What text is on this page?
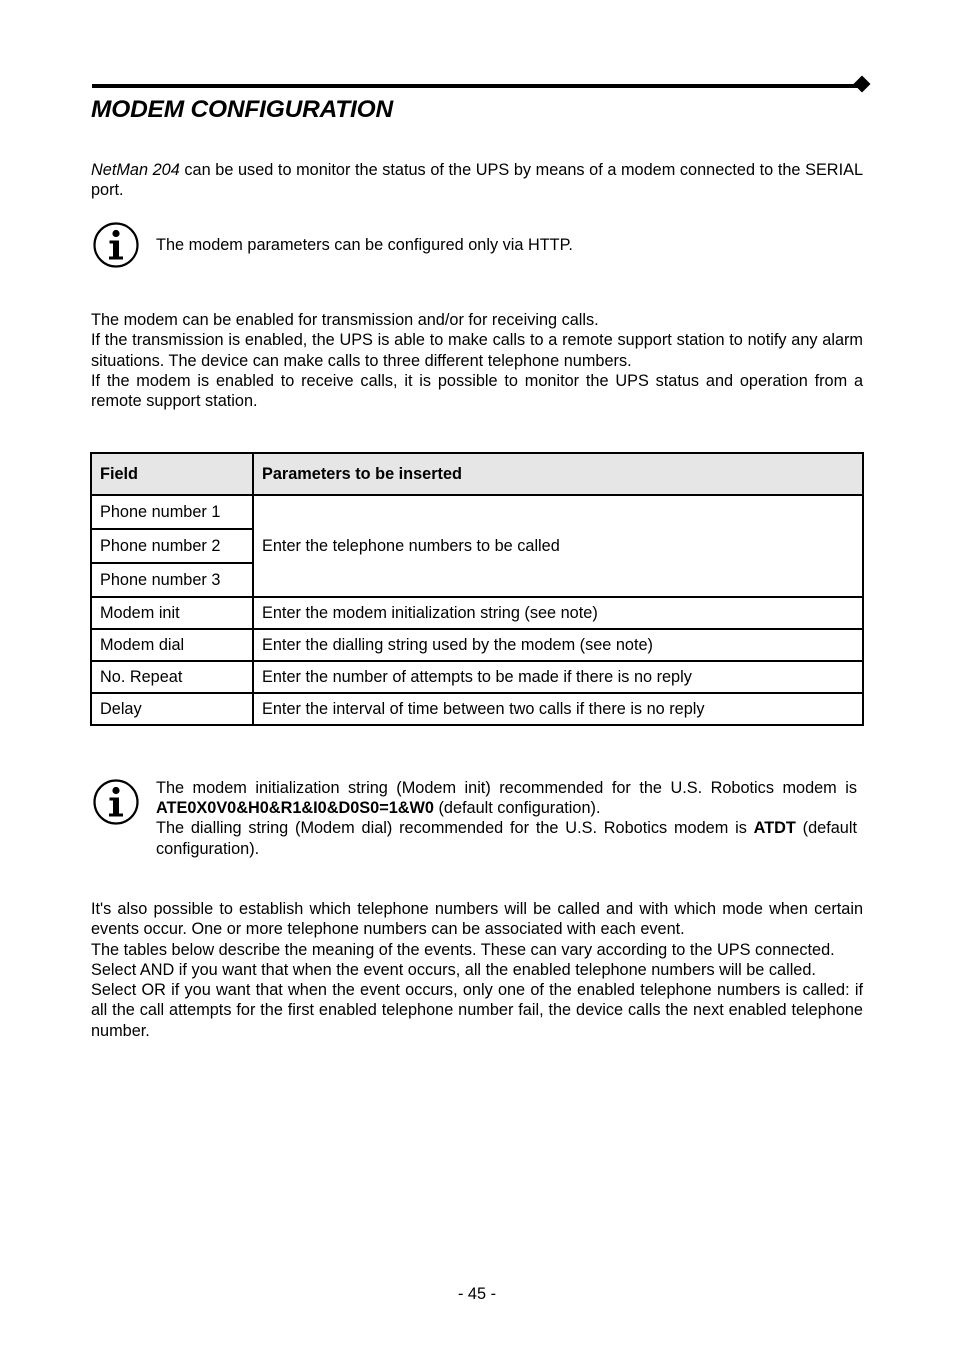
MODEM CONFIGURATION

NetMan 204 can be used to monitor the status of the UPS by means of a modem connected to the SERIAL port.

The modem parameters can be configured only via HTTP.

The modem can be enabled for transmission and/or for receiving calls.

If the transmission is enabled, the UPS is able to make calls to a remote support station to notify any alarm situations. The device can make calls to three different telephone numbers.

If the modem is enabled to receive calls, it is possible to monitor the UPS status and operation from a remote support station.

Field	Parameters to be inserted
Phone number 1	Enter the telephone numbers to be called
Phone number 2	
Phone number 3	
Modem init	Enter the modem initialization string (see note)
Modem dial	Enter the dialling string used by the modem (see note)
No. Repeat	Enter the number of attempts to be made if there is no reply
Delay	Enter the interval of time between two calls if there is no reply

The modem initialization string (Modem init) recommended for the U.S. Robotics modem is ATE0X0V0&H0&R1&I0&D0S0=1&W0 (default configuration).

The dialling string (Modem dial) recommended for the U.S. Robotics modem is ATDT (default configuration).

It's also possible to establish which telephone numbers will be called and with which mode when certain events occur. One or more telephone numbers can be associated with each event.

The tables below describe the meaning of the events. These can vary according to the UPS connected.

Select AND if you want that when the event occurs, all the enabled telephone numbers will be called.

Select OR if you want that when the event occurs, only one of the enabled telephone numbers is called: if all the call attempts for the first enabled telephone number fail, the device calls the next enabled telephone number.

- 45 -
